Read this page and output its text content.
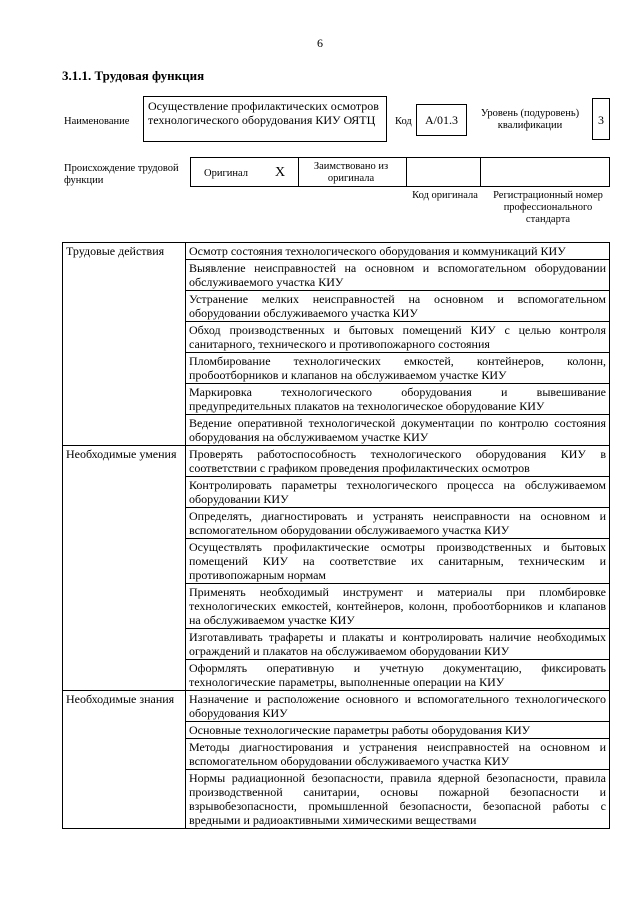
6
3.1.1. Трудовая функция
Наименование
Осуществление профилактических осмотров технологического оборудования КИУ ОЯТЦ	Код	А/01.3	Уровень (подуровень) квалификации	3
Происхождение трудовой функции
Оригинал X	Заимствовано из оригинала
Код оригинала	Регистрационный номер профессионального стандарта
Трудовые действия	Осмотр состояния технологического оборудования и коммуникаций КИУ
	Выявление неисправностей на основном и вспомогательном оборудовании обслуживаемого участка КИУ
	Устранение мелких неисправностей на основном и вспомогательном оборудовании обслуживаемого участка КИУ
	Обход производственных и бытовых помещений КИУ с целью контроля санитарного, технического и противопожарного состояния
	Пломбирование технологических емкостей, контейнеров, колонн, пробоотборников и клапанов на обслуживаемом участке КИУ
	Маркировка технологического оборудования и вывешивание предупредительных плакатов на технологическое оборудование КИУ
	Ведение оперативной технологической документации по контролю состояния оборудования на обслуживаемом участке КИУ
Необходимые умения	Проверять работоспособность технологического оборудования КИУ в соответствии с графиком проведения профилактических осмотров
	Контролировать параметры технологического процесса на обслуживаемом оборудовании КИУ
	Определять, диагностировать и устранять неисправности на основном и вспомогательном оборудовании обслуживаемого участка КИУ
	Осуществлять профилактические осмотры производственных и бытовых помещений КИУ на соответствие их санитарным, техническим и противопожарным нормам
	Применять необходимый инструмент и материалы при пломбировке технологических емкостей, контейнеров, колонн, пробоотборников и клапанов на обслуживаемом участке КИУ
	Изготавливать трафареты и плакаты и контролировать наличие необходимых ограждений и плакатов на обслуживаемом оборудовании КИУ
	Оформлять оперативную и учетную документацию, фиксировать технологические параметры, выполненные операции на КИУ
Необходимые знания	Назначение и расположение основного и вспомогательного технологического оборудования КИУ
	Основные технологические параметры работы оборудования КИУ
	Методы диагностирования и устранения неисправностей на основном и вспомогательном оборудовании обслуживаемого участка КИУ
	Нормы радиационной безопасности, правила ядерной безопасности, правила производственной санитарии, основы пожарной безопасности и взрывобезопасности, промышленной безопасности, безопасной работы с вредными и радиоактивными химическими веществами
